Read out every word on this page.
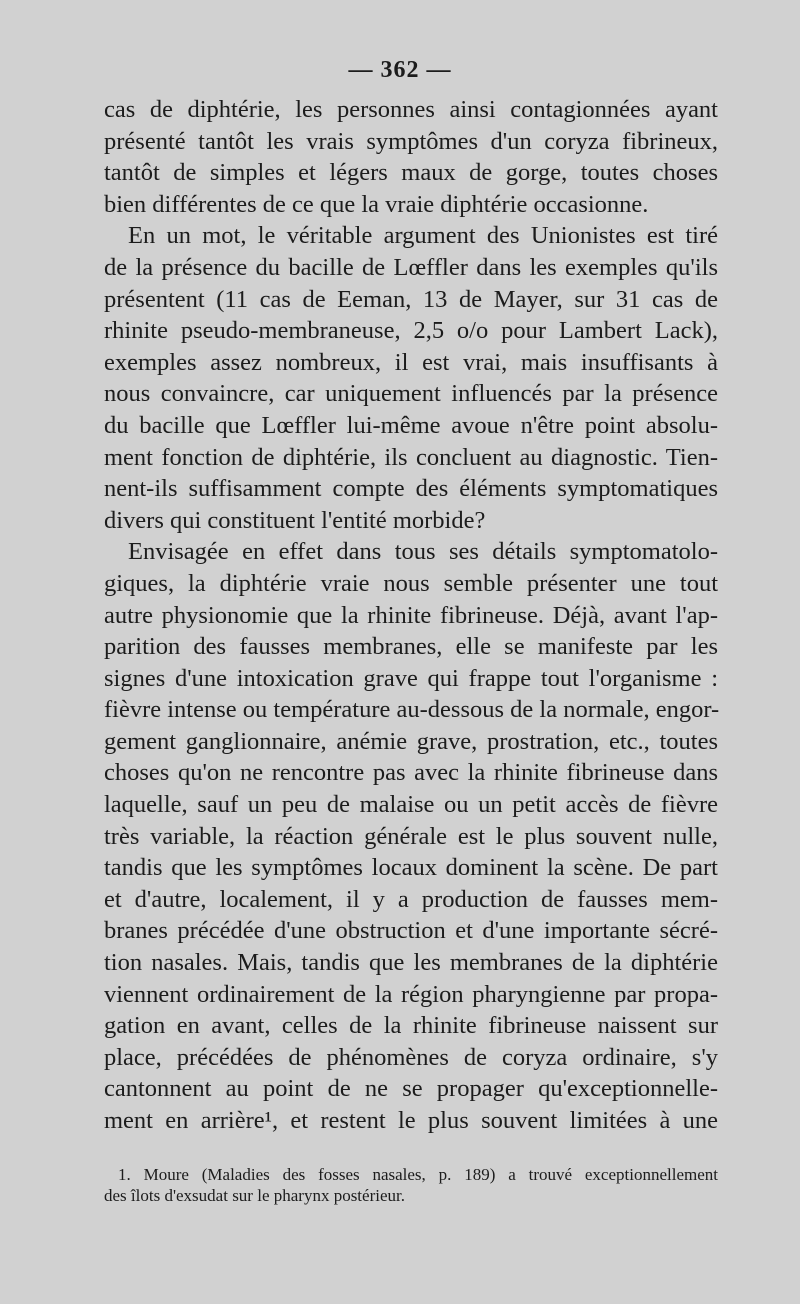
— 362 —
cas de diphtérie, les personnes ainsi contagionnées ayant
présenté tantôt les vrais symptômes d'un coryza fibrineux,
tantôt de simples et légers maux de gorge, toutes choses
bien différentes de ce que la vraie diphtérie occasionne.
En un mot, le véritable argument des Unionistes est tiré
de la présence du bacille de Lœffler dans les exemples qu'ils
présentent (11 cas de Eeman, 13 de Mayer, sur 31 cas de
rhinite pseudo-membraneuse, 2,5 o/o pour Lambert Lack),
exemples assez nombreux, il est vrai, mais insuffisants à
nous convaincre, car uniquement influencés par la présence
du bacille que Lœffler lui-même avoue n'être point absolu-
ment fonction de diphtérie, ils concluent au diagnostic. Tien-
nent-ils suffisamment compte des éléments symptomatiques
divers qui constituent l'entité morbide?
Envisagée en effet dans tous ses détails symptomatolo-
giques, la diphtérie vraie nous semble présenter une tout
autre physionomie que la rhinite fibrineuse. Déjà, avant l'ap-
parition des fausses membranes, elle se manifeste par les
signes d'une intoxication grave qui frappe tout l'organisme :
fièvre intense ou température au-dessous de la normale, engor-
gement ganglionnaire, anémie grave, prostration, etc., toutes
choses qu'on ne rencontre pas avec la rhinite fibrineuse dans
laquelle, sauf un peu de malaise ou un petit accès de fièvre
très variable, la réaction générale est le plus souvent nulle,
tandis que les symptômes locaux dominent la scène. De part
et d'autre, localement, il y a production de fausses mem-
branes précédée d'une obstruction et d'une importante sécré-
tion nasales. Mais, tandis que les membranes de la diphtérie
viennent ordinairement de la région pharyngienne par propa-
gation en avant, celles de la rhinite fibrineuse naissent sur
place, précédées de phénomènes de coryza ordinaire, s'y
cantonnent au point de ne se propager qu'exceptionnelle-
ment en arrière¹, et restent le plus souvent limitées à une
1. Moure (Maladies des fosses nasales, p. 189) a trouvé exceptionnellement
des îlots d'exsudat sur le pharynx postérieur.
